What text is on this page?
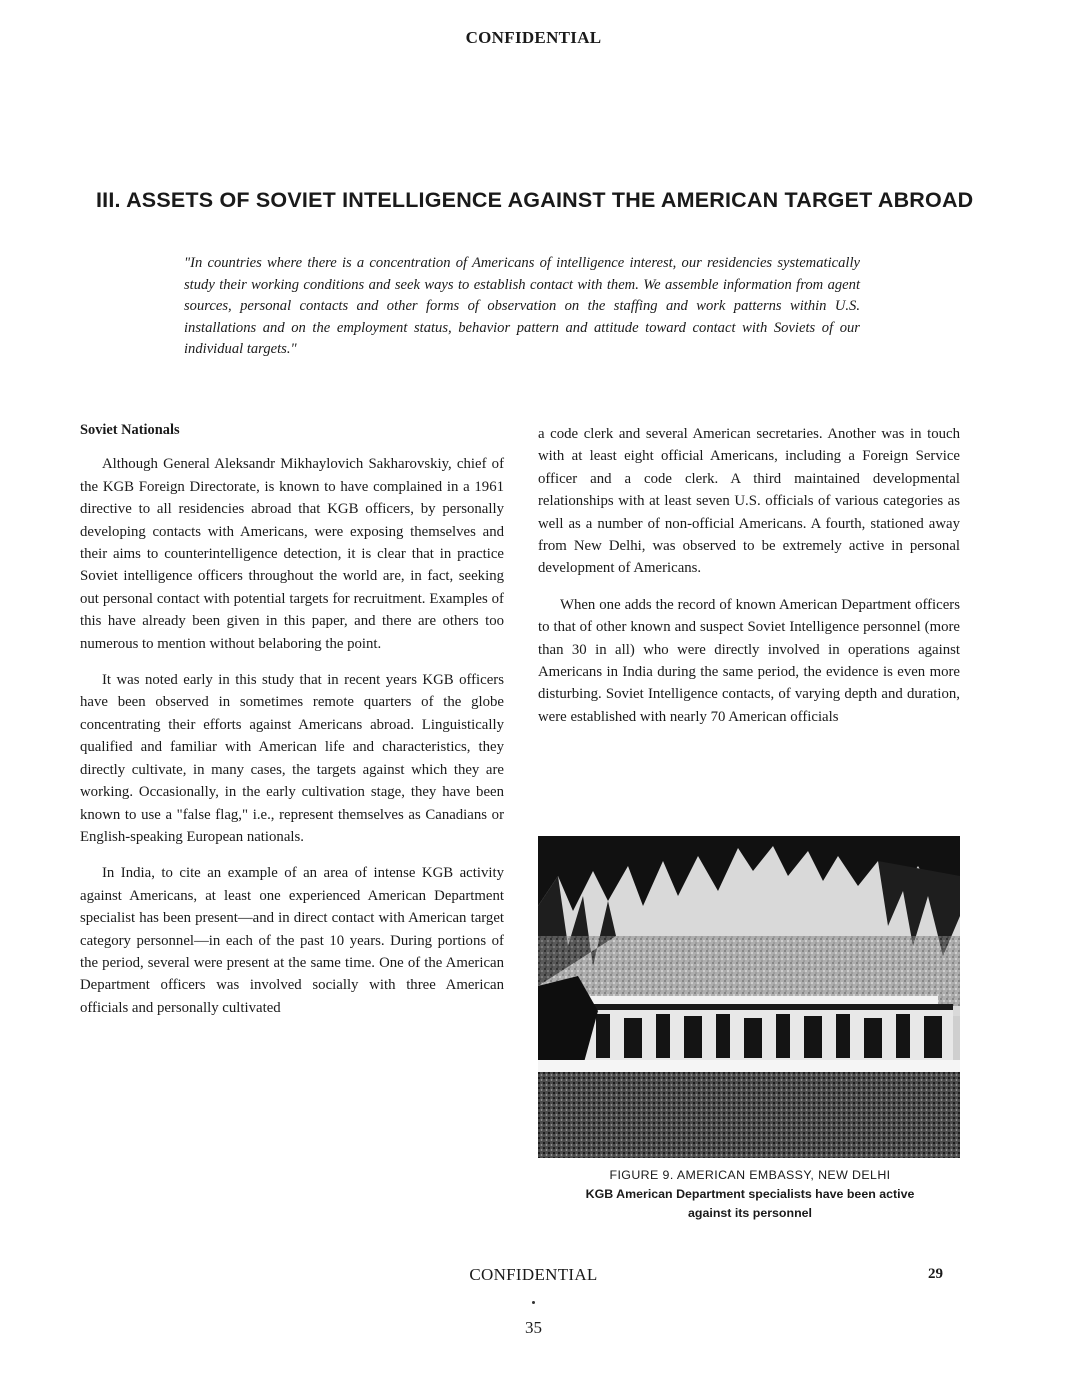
CONFIDENTIAL
III. ASSETS OF SOVIET INTELLIGENCE AGAINST THE AMERICAN TARGET ABROAD
"In countries where there is a concentration of Americans of intelligence interest, our residencies systematically study their working conditions and seek ways to establish contact with them. We assemble information from agent sources, personal contacts and other forms of observation on the staffing and work patterns within U.S. installations and on the employment status, behavior pattern and attitude toward contact with Soviets of our individual targets."
Soviet Nationals

Although General Aleksandr Mikhaylovich Sakharovskiy, chief of the KGB Foreign Directorate, is known to have complained in a 1961 directive to all residencies abroad that KGB officers, by personally developing contacts with Americans, were exposing themselves and their aims to counterintelligence detection, it is clear that in practice Soviet intelligence officers throughout the world are, in fact, seeking out personal contact with potential targets for recruitment. Examples of this have already been given in this paper, and there are others too numerous to mention without belaboring the point.

It was noted early in this study that in recent years KGB officers have been observed in sometimes remote quarters of the globe concentrating their efforts against Americans abroad. Linguistically qualified and familiar with American life and characteristics, they directly cultivate, in many cases, the targets against which they are working. Occasionally, in the early cultivation stage, they have been known to use a "false flag," i.e., represent themselves as Canadians or English-speaking European nationals.

In India, to cite an example of an area of intense KGB activity against Americans, at least one experienced American Department specialist has been present—and in direct contact with American target category personnel—in each of the past 10 years. During portions of the period, several were present at the same time. One of the American Department officers was involved socially with three American officials and personally cultivated

a code clerk and several American secretaries. Another was in touch with at least eight official Americans, including a Foreign Service officer and a code clerk. A third maintained developmental relationships with at least seven U.S. officials of various categories as well as a number of non-official Americans. A fourth, stationed away from New Delhi, was observed to be extremely active in personal development of Americans.

When one adds the record of known American Department officers to that of other known and suspect Soviet Intelligence personnel (more than 30 in all) who were directly involved in operations against Americans in India during the same period, the evidence is even more disturbing. Soviet Intelligence contacts, of varying depth and duration, were established with nearly 70 American officials

FIGURE 9. AMERICAN EMBASSY, NEW DELHI
KGB American Department specialists have been active
against its personnel
CONFIDENTIAL	29
35
